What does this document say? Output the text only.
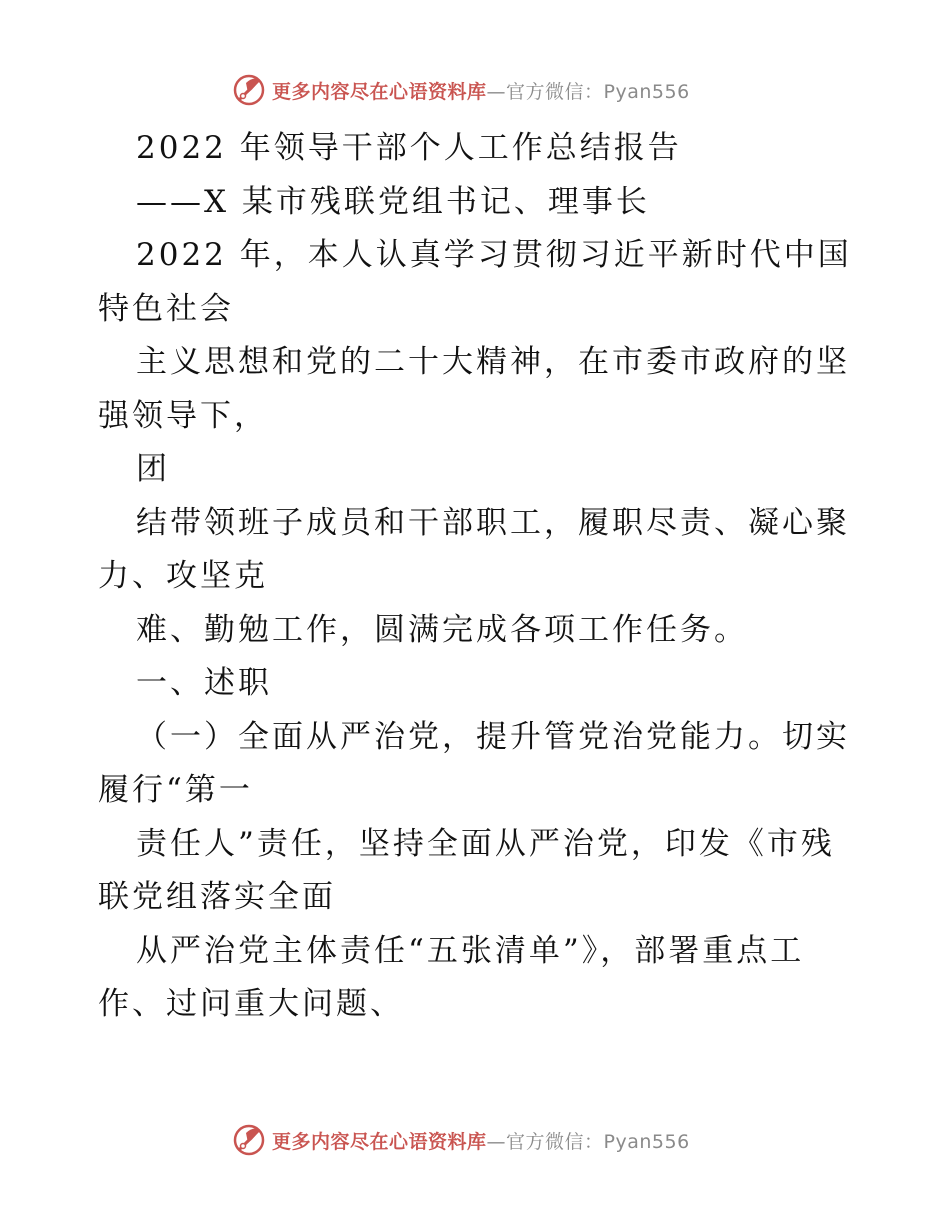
更多内容尽在心语资料库—官方微信：Pyan556
2022 年领导干部个人工作总结报告
——X 某市残联党组书记、理事长
2022 年，本人认真学习贯彻习近平新时代中国
特色社会
主义思想和党的二十大精神，在市委市政府的坚
强领导下，
团
结带领班子成员和干部职工，履职尽责、凝心聚
力、攻坚克
难、勤勉工作，圆满完成各项工作任务。
一、述职
（一）全面从严治党，提升管党治党能力。切实
履行“第一
责任人”责任，坚持全面从严治党，印发《市残
联党组落实全面
从严治党主体责任“五张清单”》，部署重点工
作、过问重大问题、
更多内容尽在心语资料库—官方微信：Pyan556
